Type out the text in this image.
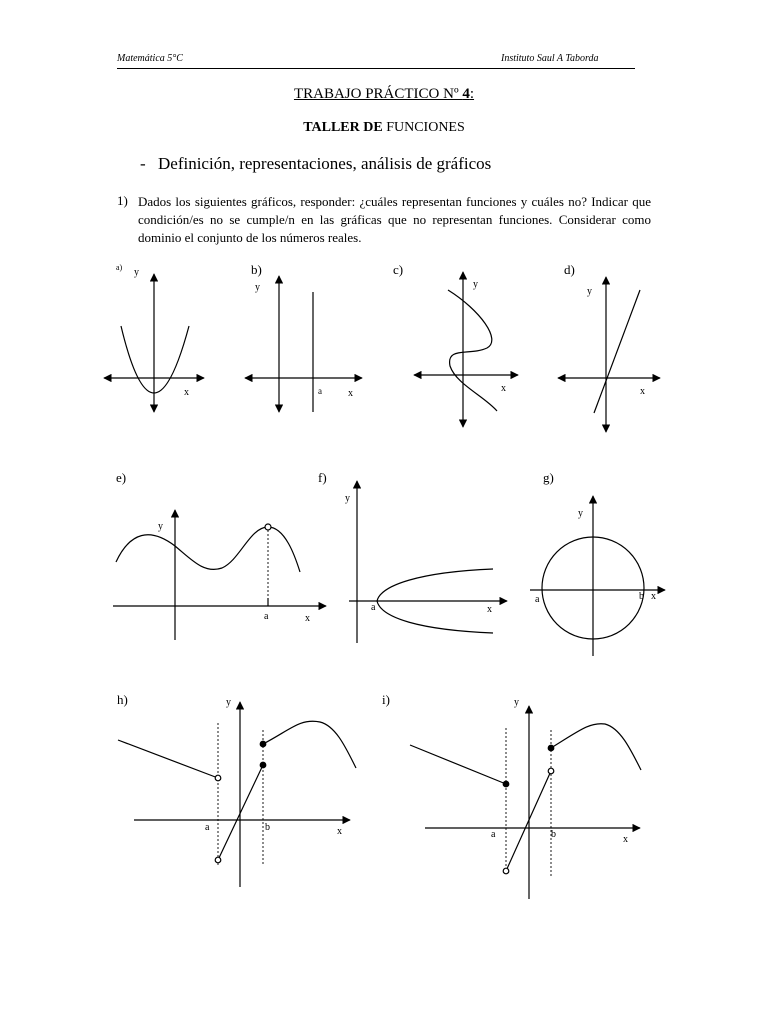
Matemática 5°C	Instituto Saul A Taborda
TRABAJO PRÁCTICO Nº 4:
TALLER DE FUNCIONES
- Definición, representaciones, análisis de gráficos
1) Dados los siguientes gráficos, responder: ¿cuáles representan funciones y cuáles no? Indicar que condición/es no se cumple/n en las gráficas que no representan funciones. Considerar como dominio el conjunto de los números reales.
a)	b)	c)	d)
e)	f)	g)
h)	i)
y
x
y
a	x
y
x
y
x
y
a	x
y
a	x
y
a	b x
y
a	b	x
y
a	b	x
